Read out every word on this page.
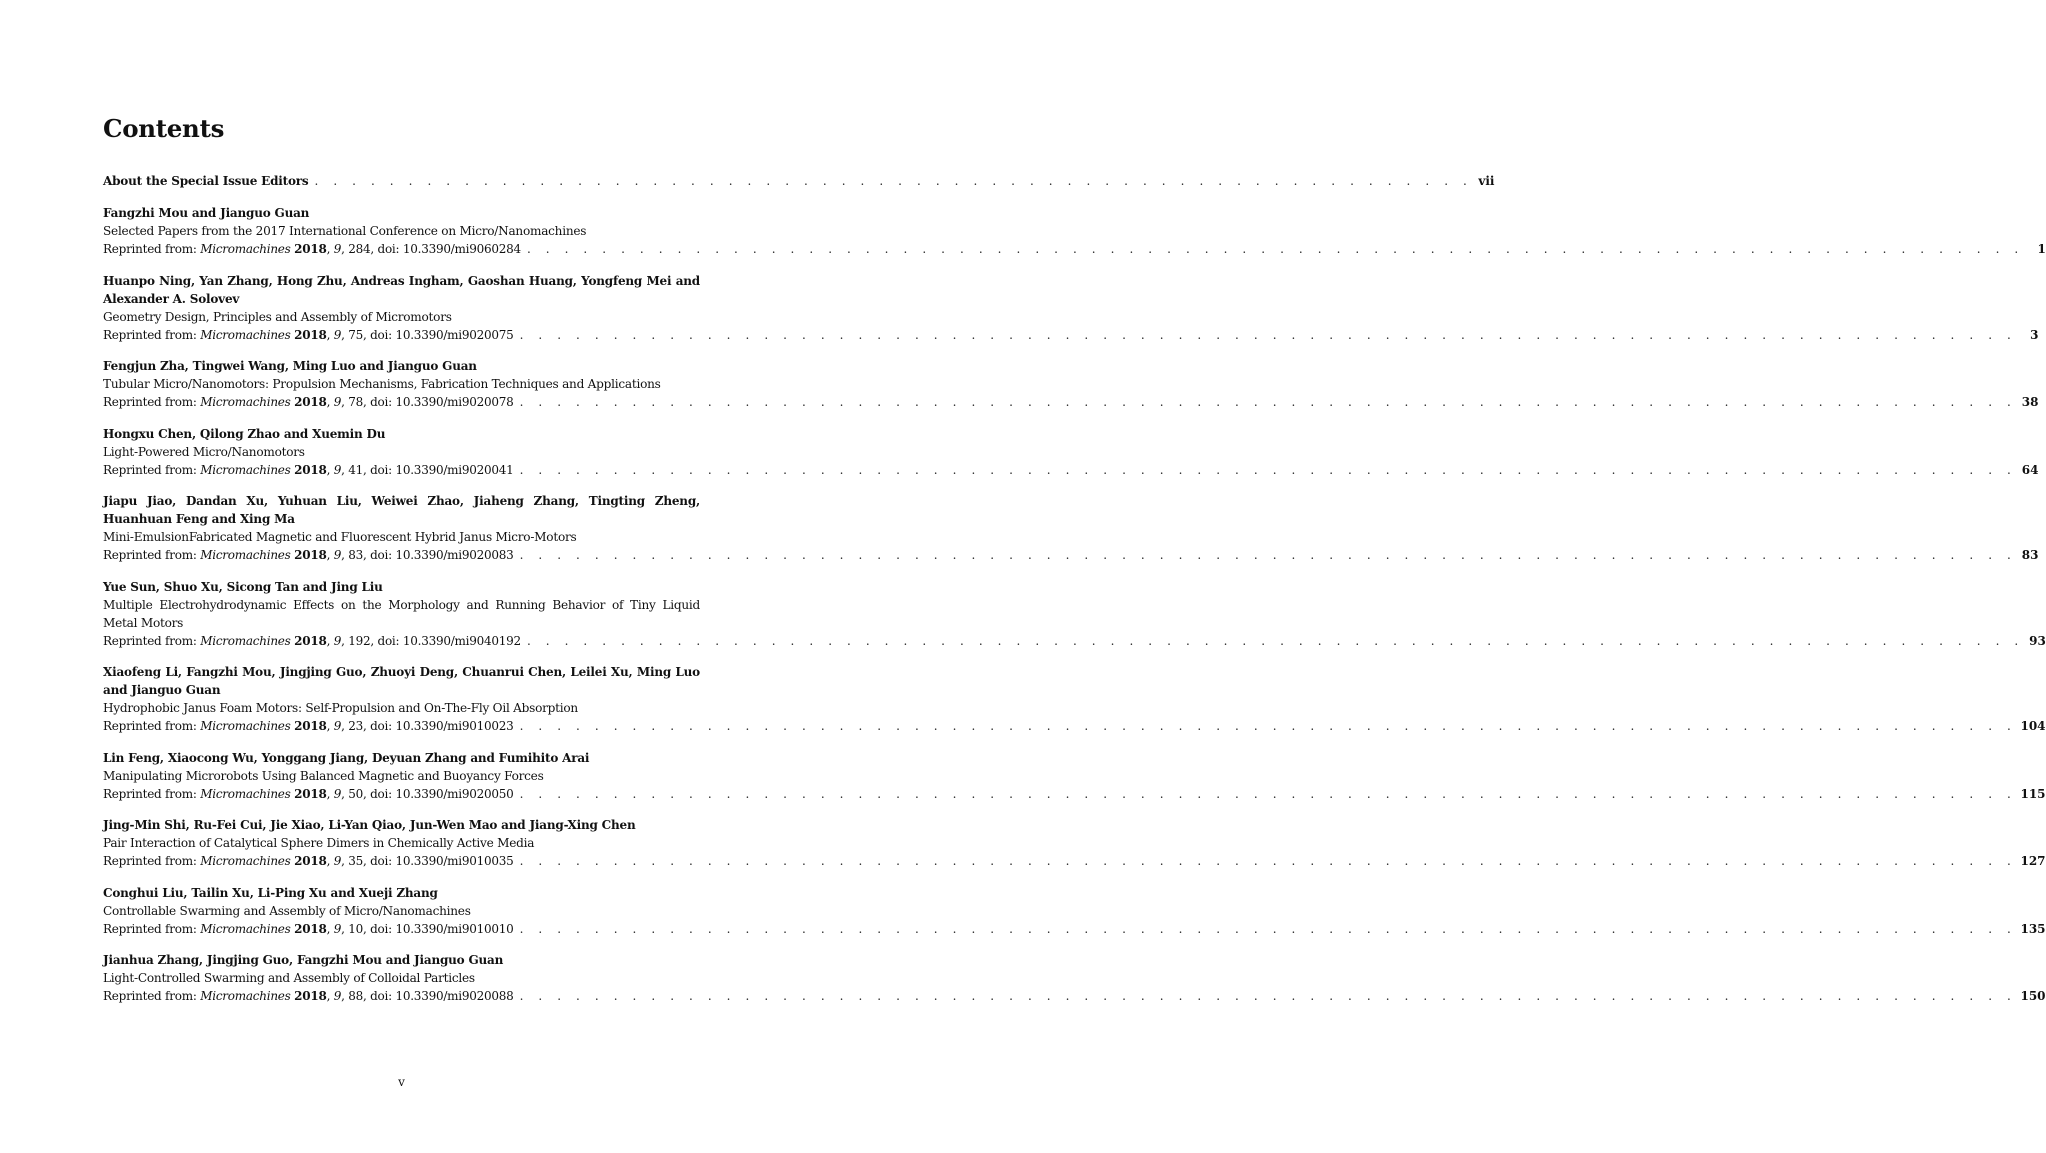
Contents
About the Special Issue Editors . . . . . . . . . . . . . . . . . . . . . . . . . . . . . . . . . . . . . . . . . . . . . . . . . . . . . . . . . . . . . . vii
Fangzhi Mou and Jianguo Guan
Selected Papers from the 2017 International Conference on Micro/Nanomachines
Reprinted from: Micromachines 2018, 9, 284, doi: 10.3390/mi9060284 . . . . . . . . . . . . . . . . . . . . . . . . . . . . . . . . . . . . . . . . . . . . . . . . . . . . . . . . . . . . . . . . . . . . . . . . . . . . . . . .	1
Huanpo Ning, Yan Zhang, Hong Zhu, Andreas Ingham, Gaoshan Huang, Yongfeng Mei and Alexander A. Solovev
Geometry Design, Principles and Assembly of Micromotors
Reprinted from: Micromachines 2018, 9, 75, doi: 10.3390/mi9020075 . . . . . . . . . . . . . . . . . . . . . . . . . . . . . . . . . . . . . . . . . . . . . . . . . . . . . . . . . . . . . . . . . . . . . . . . . . . . . . . .	3
Fengjun Zha, Tingwei Wang, Ming Luo and Jianguo Guan
Tubular Micro/Nanomotors: Propulsion Mechanisms, Fabrication Techniques and Applications
Reprinted from: Micromachines 2018, 9, 78, doi: 10.3390/mi9020078 . . . . . . . . . . . . . . . . . . . . . . . . . . . . . . . . . . . . . . . . . . . . . . . . . . . . . . . . . . . . . . . . . . . . . . . . . . . . . . . . 38
Hongxu Chen, Qilong Zhao and Xuemin Du
Light-Powered Micro/Nanomotors
Reprinted from: Micromachines 2018, 9, 41, doi: 10.3390/mi9020041 . . . . . . . . . . . . . . . . . . . . . . . . . . . . . . . . . . . . . . . . . . . . . . . . . . . . . . . . . . . . . . . . . . . . . . . . . . . . . . . . 64
Jiapu Jiao, Dandan Xu, Yuhuan Liu, Weiwei Zhao, Jiaheng Zhang, Tingting Zheng, Huanhuan Feng and Xing Ma
Mini-EmulsionFabricated Magnetic and Fluorescent Hybrid Janus Micro-Motors
Reprinted from: Micromachines 2018, 9, 83, doi: 10.3390/mi9020083 . . . . . . . . . . . . . . . . . . . . . . . . . . . . . . . . . . . . . . . . . . . . . . . . . . . . . . . . . . . . . . . . . . . . . . . . . . . . . . . . 83
Yue Sun, Shuo Xu, Sicong Tan and Jing Liu
Multiple Electrohydrodynamic Effects on the Morphology and Running Behavior of Tiny Liquid Metal Motors
Reprinted from: Micromachines 2018, 9, 192, doi: 10.3390/mi9040192 . . . . . . . . . . . . . . . . . . . . . . . . . . . . . . . . . . . . . . . . . . . . . . . . . . . . . . . . . . . . . . . . . . . . . . . . . . . . . . . . 93
Xiaofeng Li, Fangzhi Mou, Jingjing Guo, Zhuoyi Deng, Chuanrui Chen, Leilei Xu, Ming Luo and Jianguo Guan
Hydrophobic Janus Foam Motors: Self-Propulsion and On-The-Fly Oil Absorption
Reprinted from: Micromachines 2018, 9, 23, doi: 10.3390/mi9010023 . . . . . . . . . . . . . . . . . . . . . . . . . . . . . . . . . . . . . . . . . . . . . . . . . . . . . . . . . . . . . . . . . . . . . . . . . . . . . . . . 104
Lin Feng, Xiaocong Wu, Yonggang Jiang, Deyuan Zhang and Fumihito Arai
Manipulating Microrobots Using Balanced Magnetic and Buoyancy Forces
Reprinted from: Micromachines 2018, 9, 50, doi: 10.3390/mi9020050 . . . . . . . . . . . . . . . . . . . . . . . . . . . . . . . . . . . . . . . . . . . . . . . . . . . . . . . . . . . . . . . . . . . . . . . . . . . . . . . . 115
Jing-Min Shi, Ru-Fei Cui, Jie Xiao, Li-Yan Qiao, Jun-Wen Mao and Jiang-Xing Chen
Pair Interaction of Catalytical Sphere Dimers in Chemically Active Media
Reprinted from: Micromachines 2018, 9, 35, doi: 10.3390/mi9010035 . . . . . . . . . . . . . . . . . . . . . . . . . . . . . . . . . . . . . . . . . . . . . . . . . . . . . . . . . . . . . . . . . . . . . . . . . . . . . . . . 127
Conghui Liu, Tailin Xu, Li-Ping Xu and Xueji Zhang
Controllable Swarming and Assembly of Micro/Nanomachines
Reprinted from: Micromachines 2018, 9, 10, doi: 10.3390/mi9010010 . . . . . . . . . . . . . . . . . . . . . . . . . . . . . . . . . . . . . . . . . . . . . . . . . . . . . . . . . . . . . . . . . . . . . . . . . . . . . . . . 135
Jianhua Zhang, Jingjing Guo, Fangzhi Mou and Jianguo Guan
Light-Controlled Swarming and Assembly of Colloidal Particles
Reprinted from: Micromachines 2018, 9, 88, doi: 10.3390/mi9020088 . . . . . . . . . . . . . . . . . . . . . . . . . . . . . . . . . . . . . . . . . . . . . . . . . . . . . . . . . . . . . . . . . . . . . . . . . . . . . . . . 150
v
